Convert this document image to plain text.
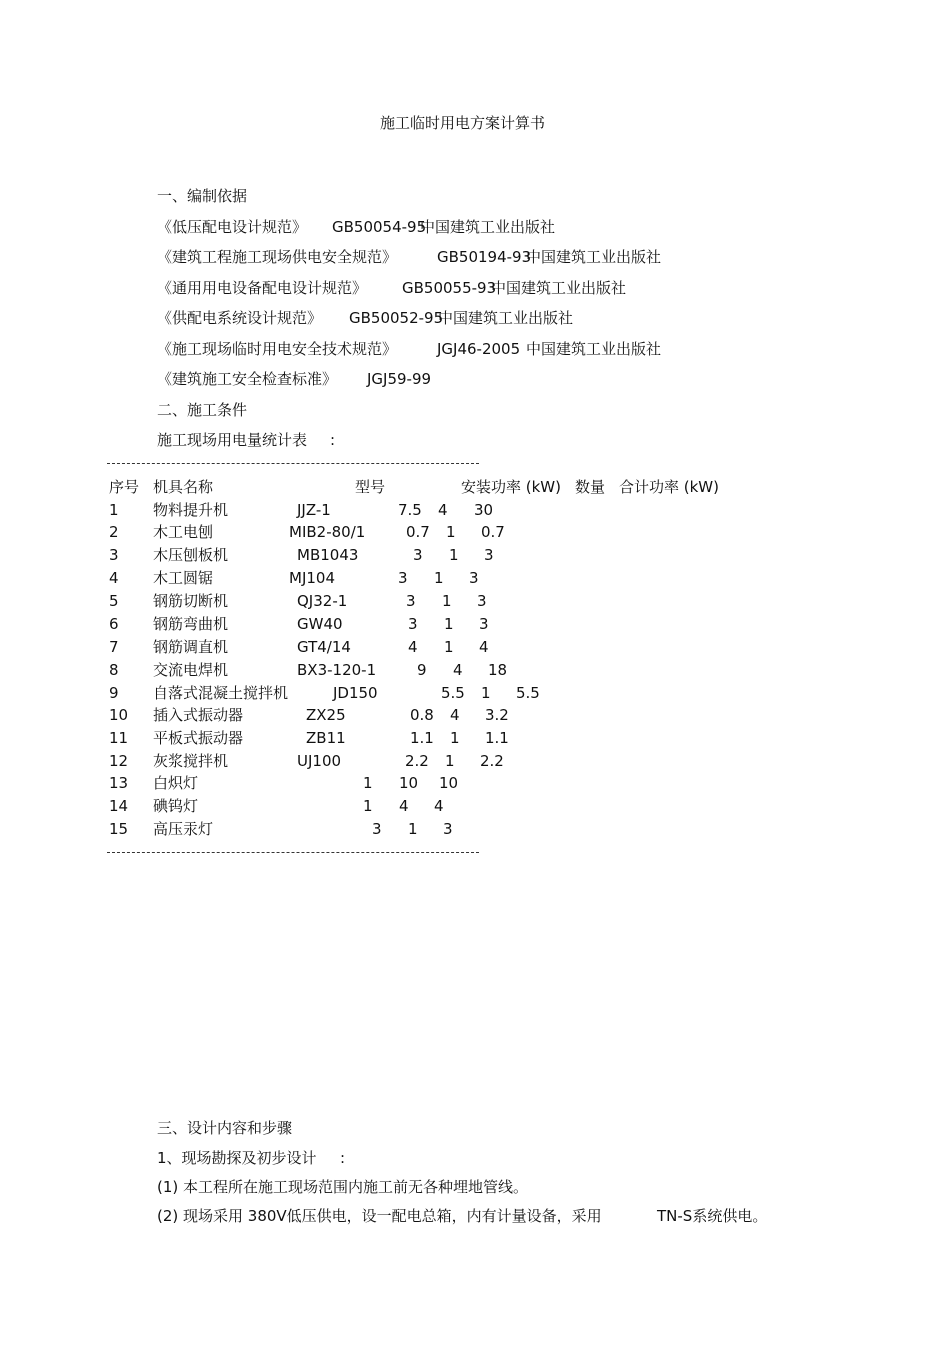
施工临时用电方案计算书
一、编制依据
《低压配电设计规范》 GB50054-95
中国建筑工业出版社
《建筑工程施工现场供电安全规范》	GB50194-93
中国建筑工业出版社
《通用用电设备配电设计规范》 GB50055-93
中国建筑工业出版社
《供配电系统设计规范》 GB50052-95
中国建筑工业出版社
《施工现场临时用电安全技术规范》	JGJ46-2005 中国建筑工业出版社
《建筑施工安全检查标准》 JGJ59-99
二、施工条件
施工现场用电量统计表 :
序号 机具名称	型号	安装功率 (kW) 数量 合计功率 (kW)
1 物料提升机	JJZ-1	7.5 4 30
2 木工电刨	MIB2-80/1	0.7 1 0.7
3 木压刨板机	MB1043	3 1 3
4 木工圆锯	MJ104	3 1 3
5 钢筋切断机	QJ32-1	3 1 3
6 钢筋弯曲机	GW40	3 1 3
7 钢筋调直机	GT4/14	4 1 4
8 交流电焊机	BX3-120-1	9 4 18
9 自落式混凝土搅拌机	JD150	5.5 1 5.5
10 插入式振动器	ZX25	0.8 4 3.2
11 平板式振动器	ZB11	1.1 1 1.1
12 灰浆搅拌机	UJ100	2.2 1 2.2
13 白炽灯	1 10 10
14 碘钨灯	1 4 4
15 高压汞灯	3 1 3
三、设计内容和步骤
1、现场勘探及初步设计 :
(1) 本工程所在施工现场范围内施工前无各种埋地管线。
(2) 现场采用 380V低压供电，设一配电总箱，内有计量设备，采用	TN-S系统供电。
